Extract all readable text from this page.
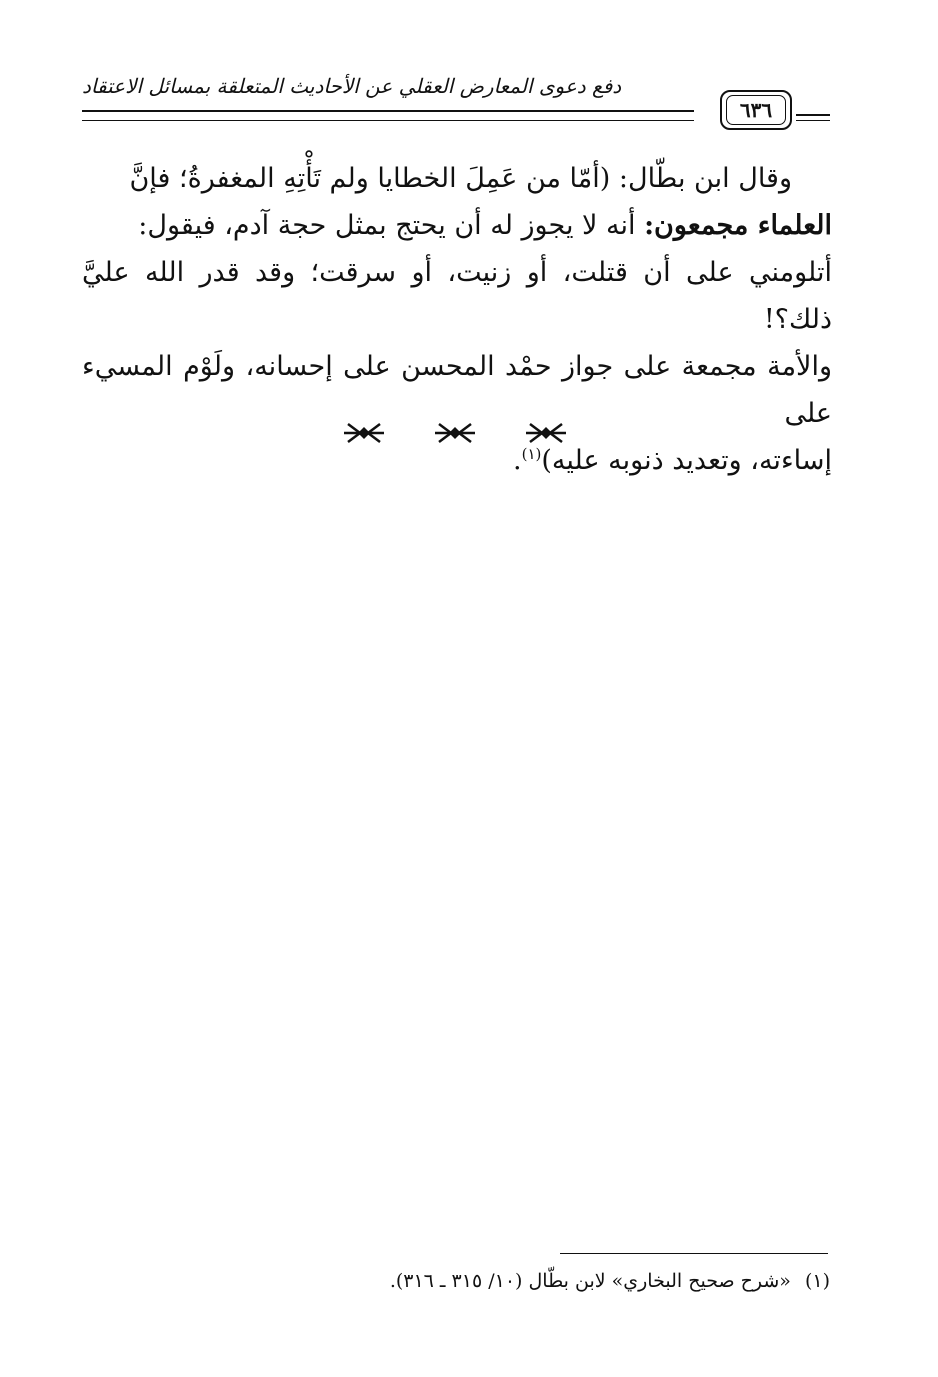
دفع دعوى المعارض العقلي عن الأحاديث المتعلقة بمسائل الاعتقاد
٦٣٦

وقال ابن بطّال: (أمّا من عَمِلَ الخطايا ولم تَأْتِهِ المغفرةُ؛ فإنَّ

العلماء مجمعون: أنه لا يجوز له أن يحتج بمثل حجة آدم، فيقول:

أتلومني على أن قتلت، أو زنيت، أو سرقت؛ وقد قدر الله عليَّ ذلك؟!

والأمة مجمعة على جواز حمْد المحسن على إحسانه، ولَوْم المسيء على

إساءته، وتعديد ذنوبه عليه)$^{(١)}$.

(١)«شرح صحيح البخاري» لابن بطّال (١٠/ ٣١٥ ـ ٣١٦).
